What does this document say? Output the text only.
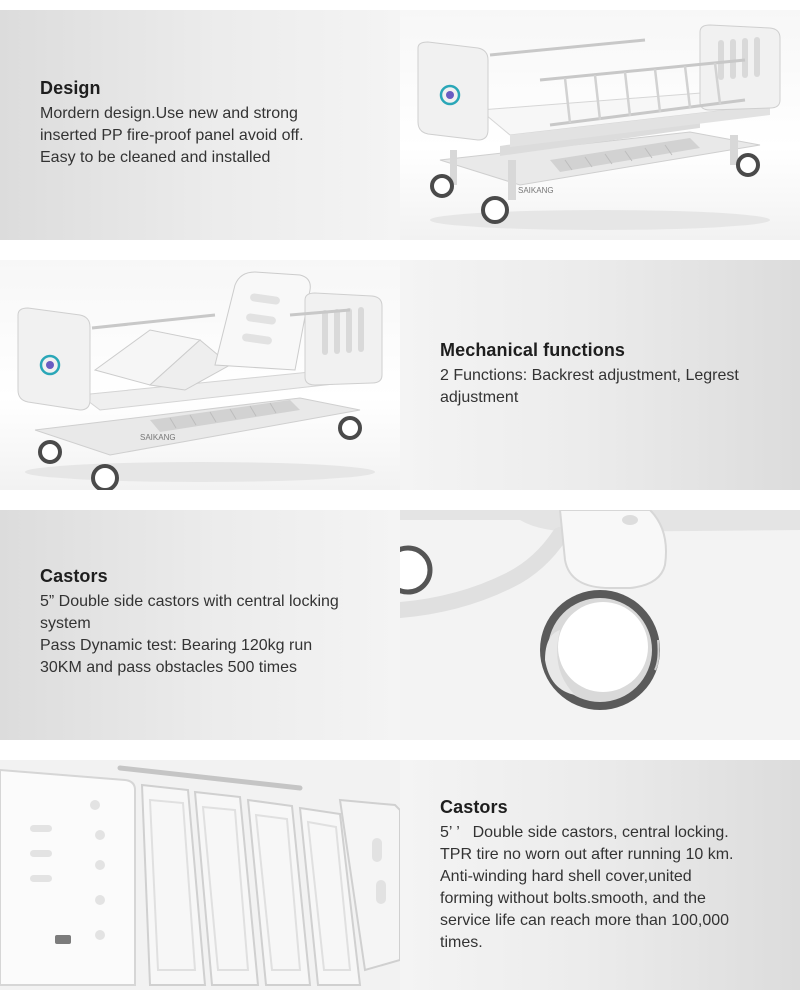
Design

Mordern design.Use new and strong

inserted PP fire-proof panel avoid off.

Easy to be cleaned and installed

SAIKANG
SAIKANG
Mechanical functions

2 Functions: Backrest adjustment, Legrest

adjustment

Castors

5” Double side castors with central locking

system

Pass Dynamic test: Bearing 120kg run

30KM and pass obstacles 500 times

Castors

5’ ’   Double side castors, central locking.

TPR tire no worn out after running 10 km.

Anti-winding hard shell cover,united

forming without bolts.smooth, and the

service life can reach more than 100,000

times.
